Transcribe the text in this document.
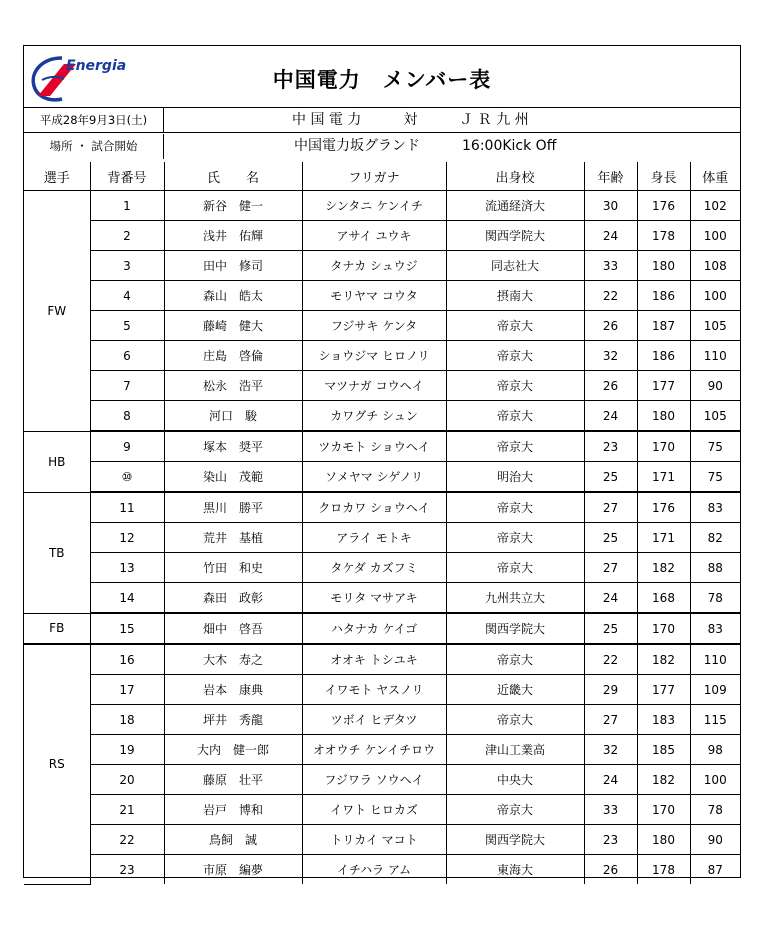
Energia
中国電力　メンバー表
平成28年9月3日(土)	中 国 電 力　　　対　　　Ｊ Ｒ 九 州
場所 ・ 試合開始	中国電力坂グランド　　　16:00Kick Off
選手	背番号	氏　　名	フリガナ	出身校	年齢	身長	体重
FW	1	新谷　健一	シンタニ ケンイチ	流通経済大	30	176	102
	2	浅井　佑輝	アサイ ユウキ	関西学院大	24	178	100
	3	田中　修司	タナカ シュウジ	同志社大	33	180	108
	4	森山　皓太	モリヤマ コウタ	摂南大	22	186	100
	5	藤崎　健大	フジサキ ケンタ	帝京大	26	187	105
	6	庄島　啓倫	ショウジマ ヒロノリ	帝京大	32	186	110
	7	松永　浩平	マツナガ コウヘイ	帝京大	26	177	90
	8	河口　駿	カワグチ シュン	帝京大	24	180	105
HB	9	塚本　奨平	ツカモト ショウヘイ	帝京大	23	170	75
	⑩	染山　茂範	ソメヤマ シゲノリ	明治大	25	171	75
TB	11	黒川　勝平	クロカワ ショウヘイ	帝京大	27	176	83
	12	荒井　基植	アライ モトキ	帝京大	25	171	82
	13	竹田　和史	タケダ カズフミ	帝京大	27	182	88
	14	森田　政彰	モリタ マサアキ	九州共立大	24	168	78
FB	15	畑中　啓吾	ハタナカ ケイゴ	関西学院大	25	170	83
RS	16	大木　寿之	オオキ トシユキ	帝京大	22	182	110
	17	岩本　康典	イワモト ヤスノリ	近畿大	29	177	109
	18	坪井　秀龍	ツボイ ヒデタツ	帝京大	27	183	115
	19	大内　健一郎	オオウチ ケンイチロウ	津山工業高	32	185	98
	20	藤原　壮平	フジワラ ソウヘイ	中央大	24	182	100
	21	岩戸　博和	イワト ヒロカズ	帝京大	33	170	78
	22	鳥飼　誠	トリカイ マコト	関西学院大	23	180	90
	23	市原　編夢	イチハラ アム	東海大	26	178	87
